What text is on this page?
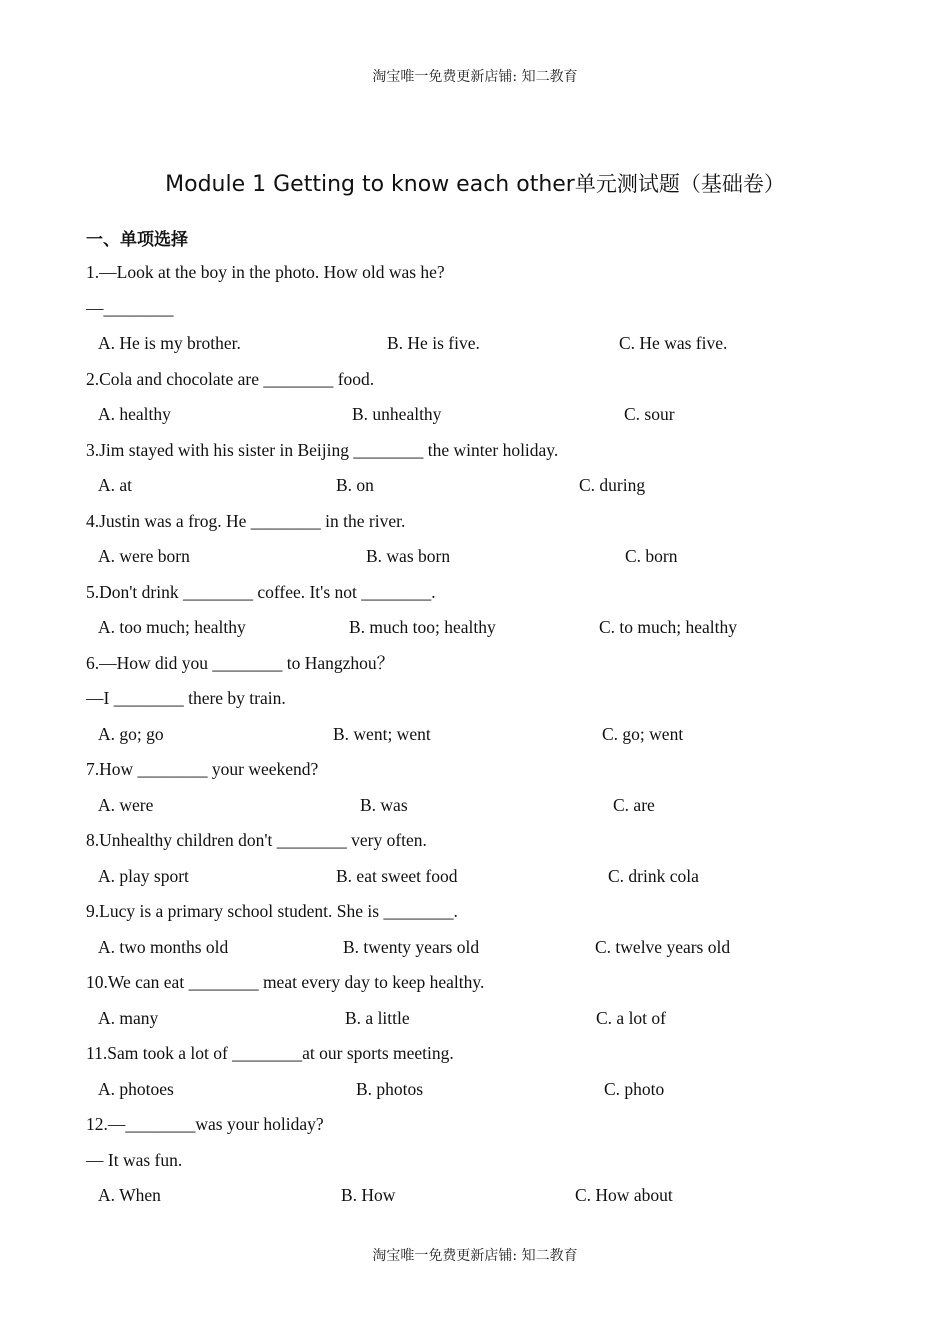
淘宝唯一免费更新店铺: 知二教育
Module 1 Getting to know each other单元测试题（基础卷）
一、单项选择
1.—Look at the boy in the photo. How old was he?
—________
A. He is my brother.	B. He is five.	C. He was five.
2.Cola and chocolate are ________ food.
A. healthy	B. unhealthy	C. sour
3.Jim stayed with his sister in Beijing ________ the winter holiday.
A. at	B. on	C. during
4.Justin was a frog. He ________ in the river.
A. were born	B. was born	C. born
5.Don't drink ________ coffee. It's not ________.
A. too much; healthy	B. much too; healthy	C. to much; healthy
6.—How did you ________ to Hangzhou？
—I ________ there by train.
A. go; go	B. went; went	C. go; went
7.How ________ your weekend?
A. were	B. was	C. are
8.Unhealthy children don't ________ very often.
A. play sport	B. eat sweet food	C. drink cola
9.Lucy is a primary school student. She is ________.
A. two months old	B. twenty years old	C. twelve years old
10.We can eat ________ meat every day to keep healthy.
A. many	B. a little	C. a lot of
11.Sam took a lot of ________at our sports meeting.
A. photoes	B. photos	C. photo
12.—________was your holiday?
— It was fun.
A. When	B. How	C. How about
淘宝唯一免费更新店铺: 知二教育
